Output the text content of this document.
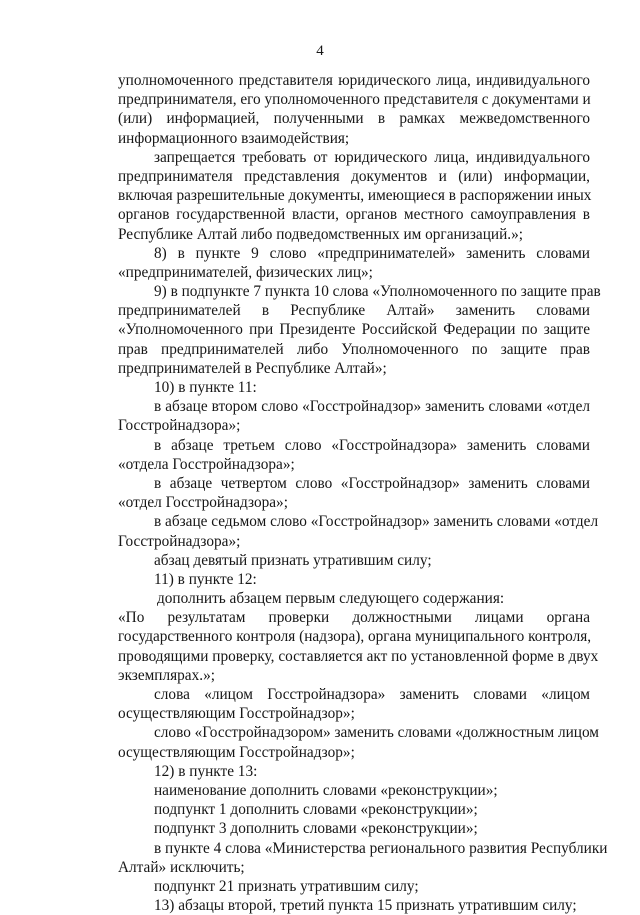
4
уполномоченного представителя юридического лица, индивидуального
предпринимателя, его уполномоченного представителя с документами и
(или) информацией, полученными в рамках межведомственного
информационного взаимодействия;
запрещается требовать от юридического лица, индивидуального
предпринимателя представления документов и (или) информации,
включая разрешительные документы, имеющиеся в распоряжении иных
органов государственной власти, органов местного самоуправления в
Республике Алтай либо подведомственных им организаций.»;
8) в пункте 9 слово «предпринимателей» заменить словами
«предпринимателей, физических лиц»;
9) в подпункте 7 пункта 10 слова «Уполномоченного по защите прав
предпринимателей в Республике Алтай» заменить словами
«Уполномоченного при Президенте Российской Федерации по защите
прав предпринимателей либо Уполномоченного по защите прав
предпринимателей в Республике Алтай»;
10) в пункте 11:
в абзаце втором слово «Госстройнадзор» заменить словами «отдел
Госстройнадзора»;
в абзаце третьем слово «Госстройнадзора» заменить словами
«отдела Госстройнадзора»;
в абзаце четвертом слово «Госстройнадзор» заменить словами
«отдел Госстройнадзора»;
в абзаце седьмом слово «Госстройнадзор» заменить словами «отдел
Госстройнадзора»;
абзац девятый признать утратившим силу;
11) в пункте 12:
дополнить абзацем первым следующего содержания:
«По результатам проверки должностными лицами органа
государственного контроля (надзора), органа муниципального контроля,
проводящими проверку, составляется акт по установленной форме в двух
экземплярах.»;
слова «лицом Госстройнадзора» заменить словами «лицом
осуществляющим Госстройнадзор»;
слово «Госстройнадзором» заменить словами «должностным лицом
осуществляющим Госстройнадзор»;
12) в пункте 13:
наименование дополнить словами «реконструкции»;
подпункт 1 дополнить словами «реконструкции»;
подпункт 3 дополнить словами «реконструкции»;
в пункте 4 слова «Министерства регионального развития Республики
Алтай» исключить;
подпункт 21 признать утратившим силу;
13) абзацы второй, третий пункта 15 признать утратившим силу;
